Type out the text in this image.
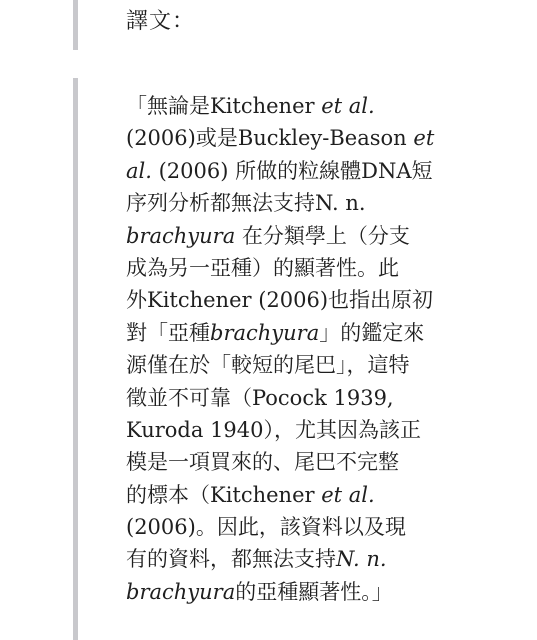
譯文：
「無論是Kitchener et al.
(2006)或是Buckley-Beason et
al. (2006) 所做的粒線體DNA短
序列分析都無法支持N. n.
brachyura 在分類學上（分支
成為另一亞種）的顯著性。此
外Kitchener (2006)也指出原初
對「亞種brachyura」的鑑定來
源僅在於「較短的尾巴」，這特
徵並不可靠（Pocock 1939,
Kuroda 1940），尤其因為該正
模是一項買來的、尾巴不完整
的標本（Kitchener et al.
(2006)。因此，該資料以及現
有的資料，都無法支持N. n.
brachyura的亞種顯著性。」
